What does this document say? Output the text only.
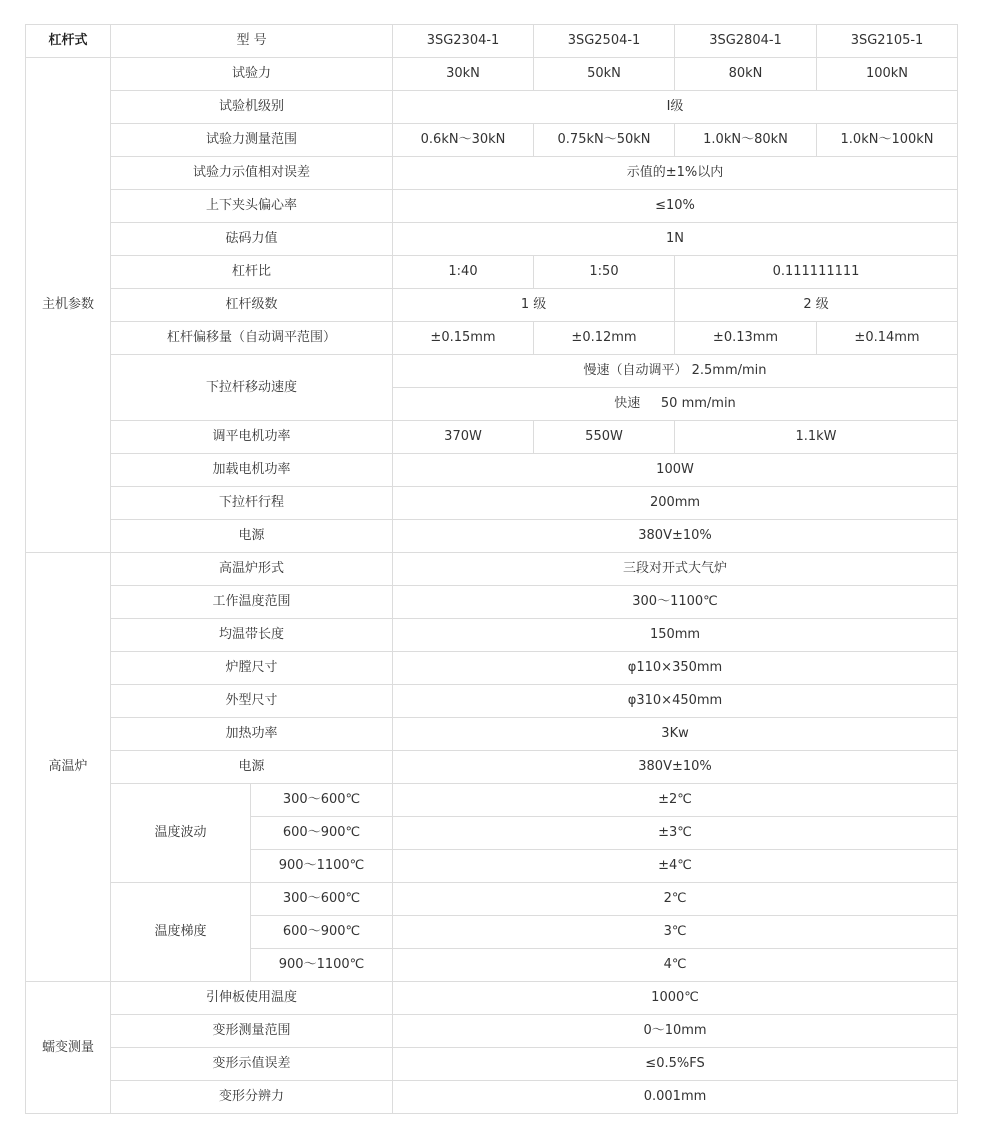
杠杆式	型 号		3SG2304-1	3SG2504-1	3SG2804-1	3SG2105-1
主机参数	试验力		30kN	50kN	80kN	100kN
	试验机级别		Ⅰ级			
	试验力测量范围		0.6kN～30kN	0.75kN～50kN	1.0kN～80kN	1.0kN～100kN
	试验力示值相对误差		示值的±1%以内			
	上下夹头偏心率		≤10%			
	砝码力值		1N			
	杠杆比		1:40	1:50	0.111111111	
	杠杆级数		1 级		2 级	
	杠杆偏移量（自动调平范围）		±0.15mm	±0.12mm	±0.13mm	±0.14mm
	下拉杆移动速度		慢速（自动调平） 2.5mm/min			
			快速     50 mm/min			
	调平电机功率		370W	550W	1.1kW	
	加载电机功率		100W			
	下拉杆行程		200mm			
	电源		380V±10%			
高温炉	高温炉形式		三段对开式大气炉			
	工作温度范围		300～1100℃			
	均温带长度		150mm			
	炉膛尺寸		φ110×350mm			
	外型尺寸		φ310×450mm			
	加热功率		3Kw			
	电源		380V±10%			
	温度波动	300～600℃	±2℃			
		600～900℃	±3℃			
		900～1100℃	±4℃			
	温度梯度	300～600℃	2℃			
		600～900℃	3℃			
		900～1100℃	4℃			
蠕变测量	引伸板使用温度		1000℃			
	变形测量范围		0～10mm			
	变形示值误差		≤0.5%FS			
	变形分辨力		0.001mm			
